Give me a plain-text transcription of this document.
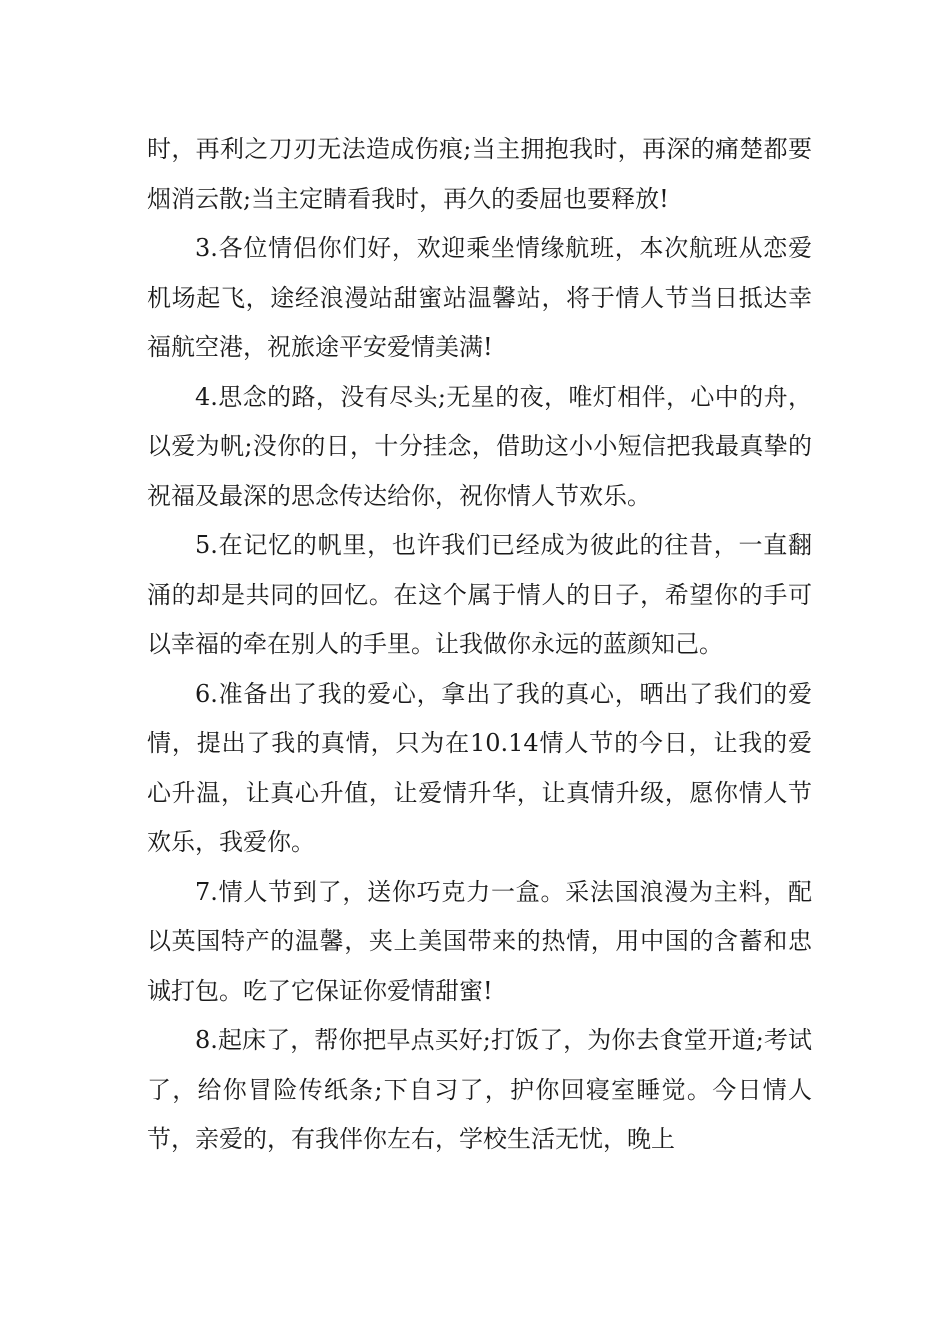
时，再利之刀刃无法造成伤痕;当主拥抱我时，再深的痛楚都要烟消云散;当主定睛看我时，再久的委屈也要释放!

3.各位情侣你们好，欢迎乘坐情缘航班，本次航班从恋爱机场起飞，途经浪漫站甜蜜站温馨站，将于情人节当日抵达幸福航空港，祝旅途平安爱情美满!

4.思念的路，没有尽头;无星的夜，唯灯相伴，心中的舟，以爱为帆;没你的日，十分挂念，借助这小小短信把我最真挚的祝福及最深的思念传达给你，祝你情人节欢乐。

5.在记忆的帆里，也许我们已经成为彼此的往昔，一直翻涌的却是共同的回忆。在这个属于情人的日子，希望你的手可以幸福的牵在别人的手里。让我做你永远的蓝颜知己。

6.准备出了我的爱心，拿出了我的真心，晒出了我们的爱情，提出了我的真情，只为在10.14情人节的今日，让我的爱心升温，让真心升值，让爱情升华，让真情升级，愿你情人节欢乐，我爱你。

7.情人节到了，送你巧克力一盒。采法国浪漫为主料，配以英国特产的温馨，夹上美国带来的热情，用中国的含蓄和忠诚打包。吃了它保证你爱情甜蜜!

8.起床了，帮你把早点买好;打饭了，为你去食堂开道;考试了，给你冒险传纸条;下自习了，护你回寝室睡觉。今日情人节，亲爱的，有我伴你左右，学校生活无忧，晚上
